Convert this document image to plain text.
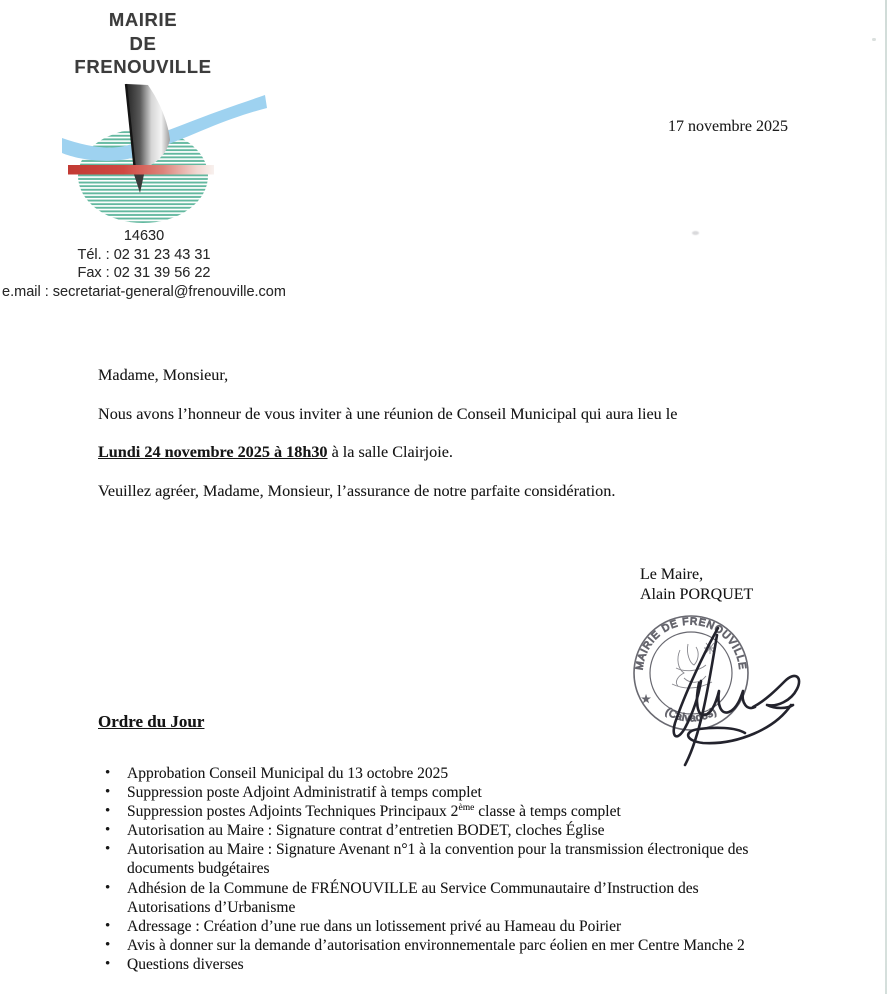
MAIRIE
DE
FRENOUVILLE
14630
Tél. : 02 31 23 43 31
Fax : 02 31 39 56 22
e.mail : secretariat-general@frenouville.com
17 novembre 2025

Madame, Monsieur,

Nous avons l’honneur de vous inviter à une réunion de Conseil Municipal qui aura lieu le

Lundi 24 novembre 2025 à 18h30 à la salle Clairjoie.

Veuillez agréer, Madame, Monsieur, l’assurance de notre parfaite considération.

Le Maire,
Alain PORQUET
MAIRIE DE FRENOUVILLE
(Calvados)
★
Ordre du Jour
• Approbation Conseil Municipal du 13 octobre 2025
• Suppression poste Adjoint Administratif à temps complet
• Suppression postes Adjoints Techniques Principaux 2ème classe à temps complet
• Autorisation au Maire : Signature contrat d’entretien BODET, cloches Église
• Autorisation au Maire : Signature Avenant n°1 à la convention pour la transmission électronique des documents budgétaires
• Adhésion de la Commune de FRÉNOUVILLE au Service Communautaire d’Instruction des Autorisations d’Urbanisme
• Adressage : Création d’une rue dans un lotissement privé au Hameau du Poirier
• Avis à donner sur la demande d’autorisation environnementale parc éolien en mer Centre Manche 2
• Questions diverses
